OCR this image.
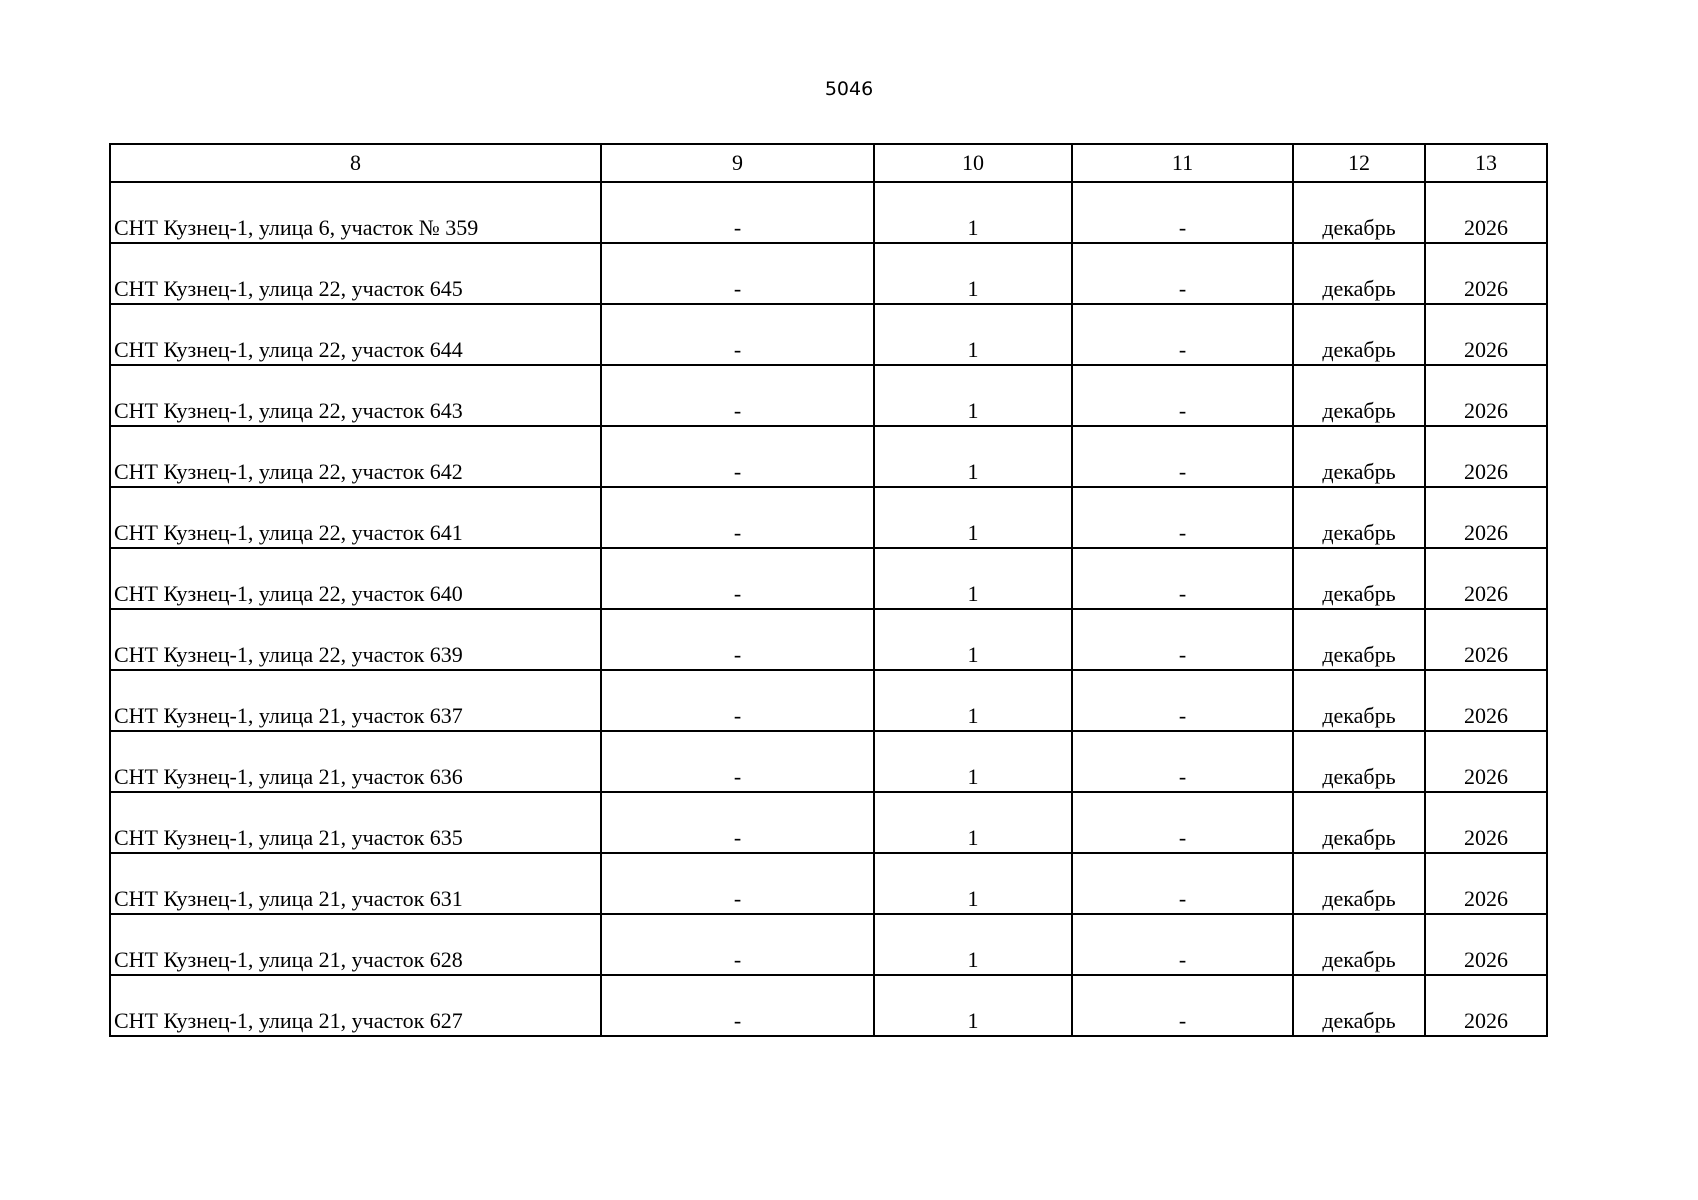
5046
8	9	10	11	12	13
СНТ Кузнец-1, улица 6, участок № 359	-	1	-	декабрь	2026
СНТ Кузнец-1, улица 22, участок 645	-	1	-	декабрь	2026
СНТ Кузнец-1, улица 22, участок 644	-	1	-	декабрь	2026
СНТ Кузнец-1, улица 22, участок 643	-	1	-	декабрь	2026
СНТ Кузнец-1, улица 22, участок 642	-	1	-	декабрь	2026
СНТ Кузнец-1, улица 22, участок 641	-	1	-	декабрь	2026
СНТ Кузнец-1, улица 22, участок 640	-	1	-	декабрь	2026
СНТ Кузнец-1, улица 22, участок 639	-	1	-	декабрь	2026
СНТ Кузнец-1, улица 21, участок 637	-	1	-	декабрь	2026
СНТ Кузнец-1, улица 21, участок 636	-	1	-	декабрь	2026
СНТ Кузнец-1, улица 21, участок 635	-	1	-	декабрь	2026
СНТ Кузнец-1, улица 21, участок 631	-	1	-	декабрь	2026
СНТ Кузнец-1, улица 21, участок 628	-	1	-	декабрь	2026
СНТ Кузнец-1, улица 21, участок 627	-	1	-	декабрь	2026
